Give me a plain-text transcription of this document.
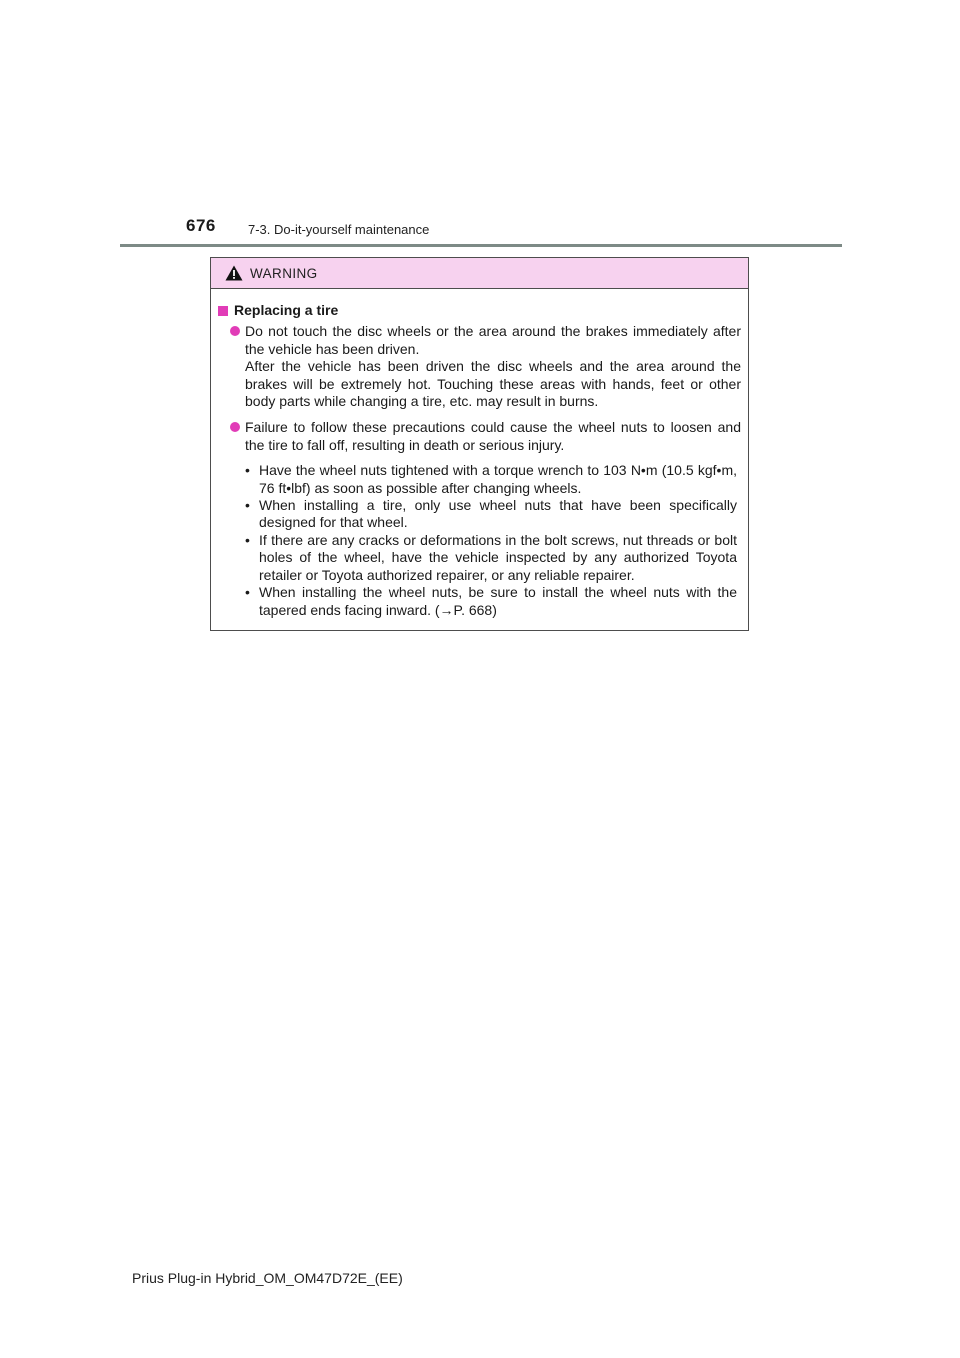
676 7-3. Do-it-yourself maintenance
WARNING
Replacing a tire

Do not touch the disc wheels or the area around the brakes immediately after the vehicle has been driven.

After the vehicle has been driven the disc wheels and the area around the brakes will be extremely hot. Touching these areas with hands, feet or other body parts while changing a tire, etc. may result in burns.

Failure to follow these precautions could cause the wheel nuts to loosen and the tire to fall off, resulting in death or serious injury.

• Have the wheel nuts tightened with a torque wrench to 103 N•m (10.5 kgf•m, 76 ft•lbf) as soon as possible after changing wheels.
• When installing a tire, only use wheel nuts that have been specifically designed for that wheel.
• If there are any cracks or deformations in the bolt screws, nut threads or bolt holes of the wheel, have the vehicle inspected by any authorized Toyota retailer or Toyota authorized repairer, or any reliable repairer.
• When installing the wheel nuts, be sure to install the wheel nuts with the tapered ends facing inward. (→P. 668)
Prius Plug-in Hybrid_OM_OM47D72E_(EE)
